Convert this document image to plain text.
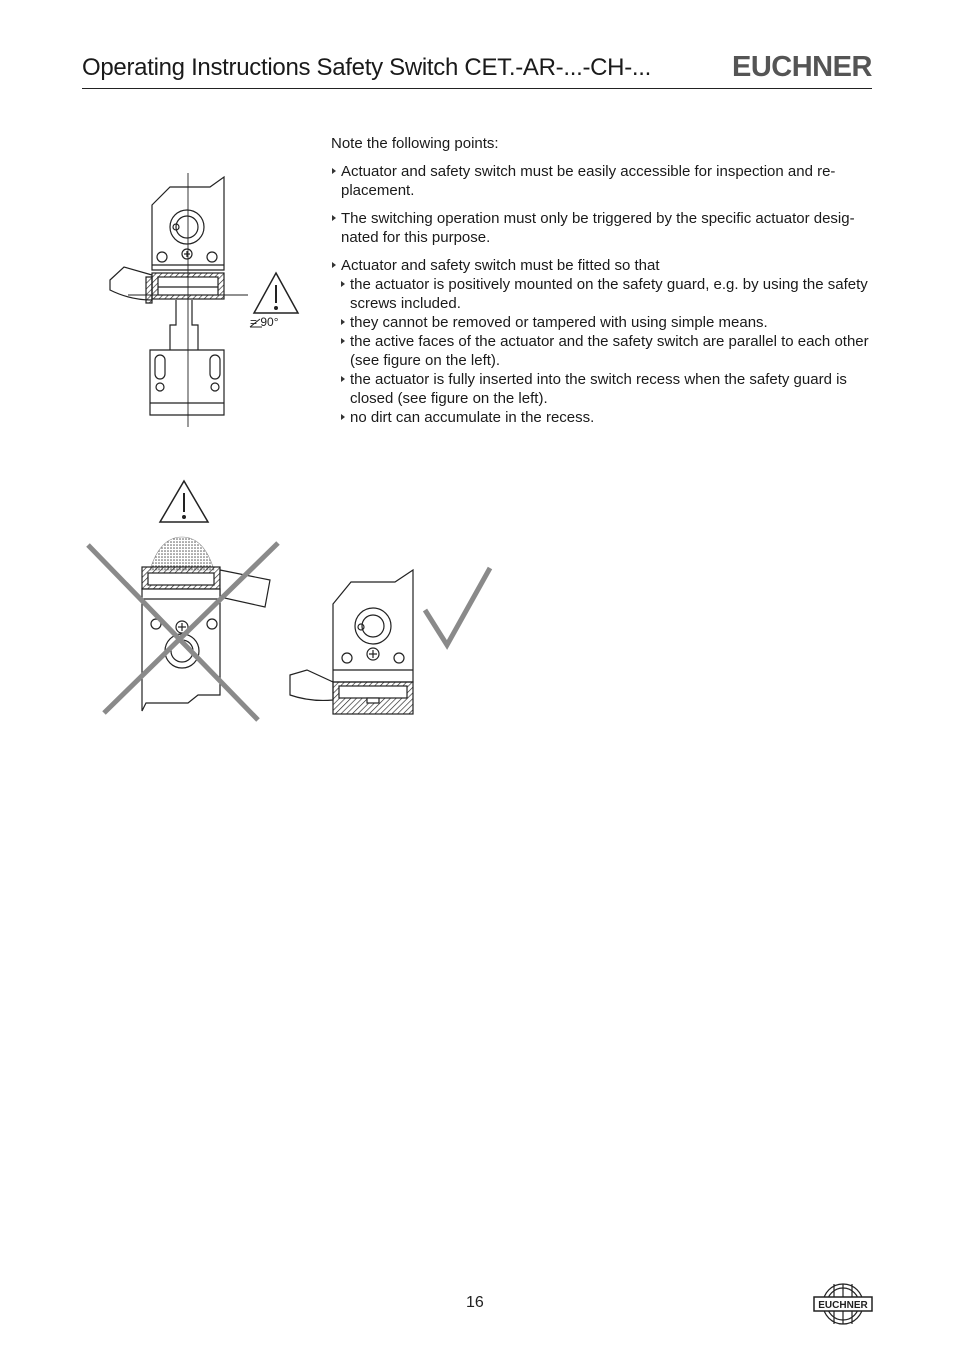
Operating Instructions Safety Switch CET.-AR-...-CH-...	EUCHNER

Note the following points:

Actuator and safety switch must be easily accessible for inspection and re-placement.

The switching operation must only be triggered by the specific actuator desig-nated for this purpose.

Actuator and safety switch must be fitted so that

the actuator is positively mounted on the safety guard, e.g. by using the safety screws included.

they cannot be removed or tampered with using simple means.

the active faces of the actuator and the safety switch are parallel to each other (see figure on the left).

the actuator is fully inserted into the switch recess when the safety guard is closed (see figure on the left).

no dirt can accumulate in the recess.

= 90°
16	EUCHNER
